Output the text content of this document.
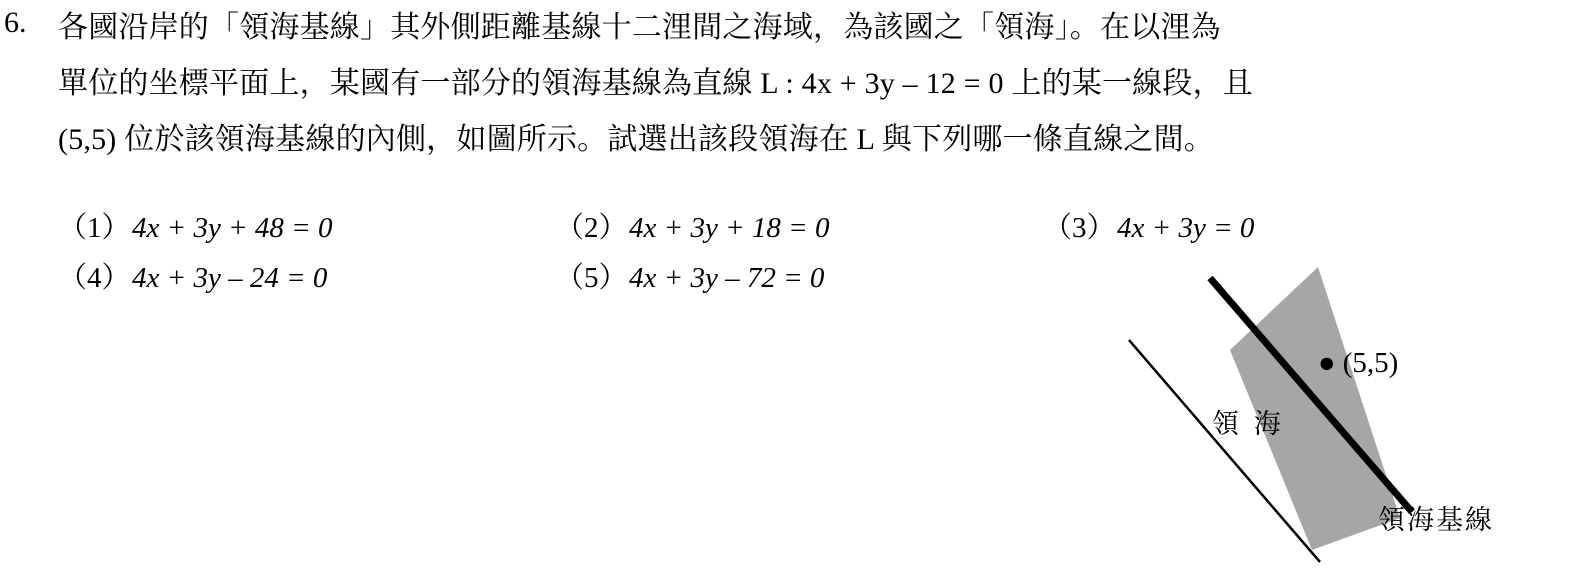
6. 各國沿岸的「領海基線」其外側距離基線十二浬間之海域，為該國之「領海」。在以浬為
單位的坐標平面上，某國有一部分的領海基線為直線 L : 4x + 3y – 12 = 0 上的某一線段，且
(5,5) 位於該領海基線的內側，如圖所示。試選出該段領海在 L 與下列哪一條直線之間。
（1）4x + 3y + 48 = 0	（2）4x + 3y + 18 = 0	（3）4x + 3y = 0
（4）4x + 3y – 24 = 0	（5）4x + 3y – 72 = 0
● (5,5)
領 海
領海基線
